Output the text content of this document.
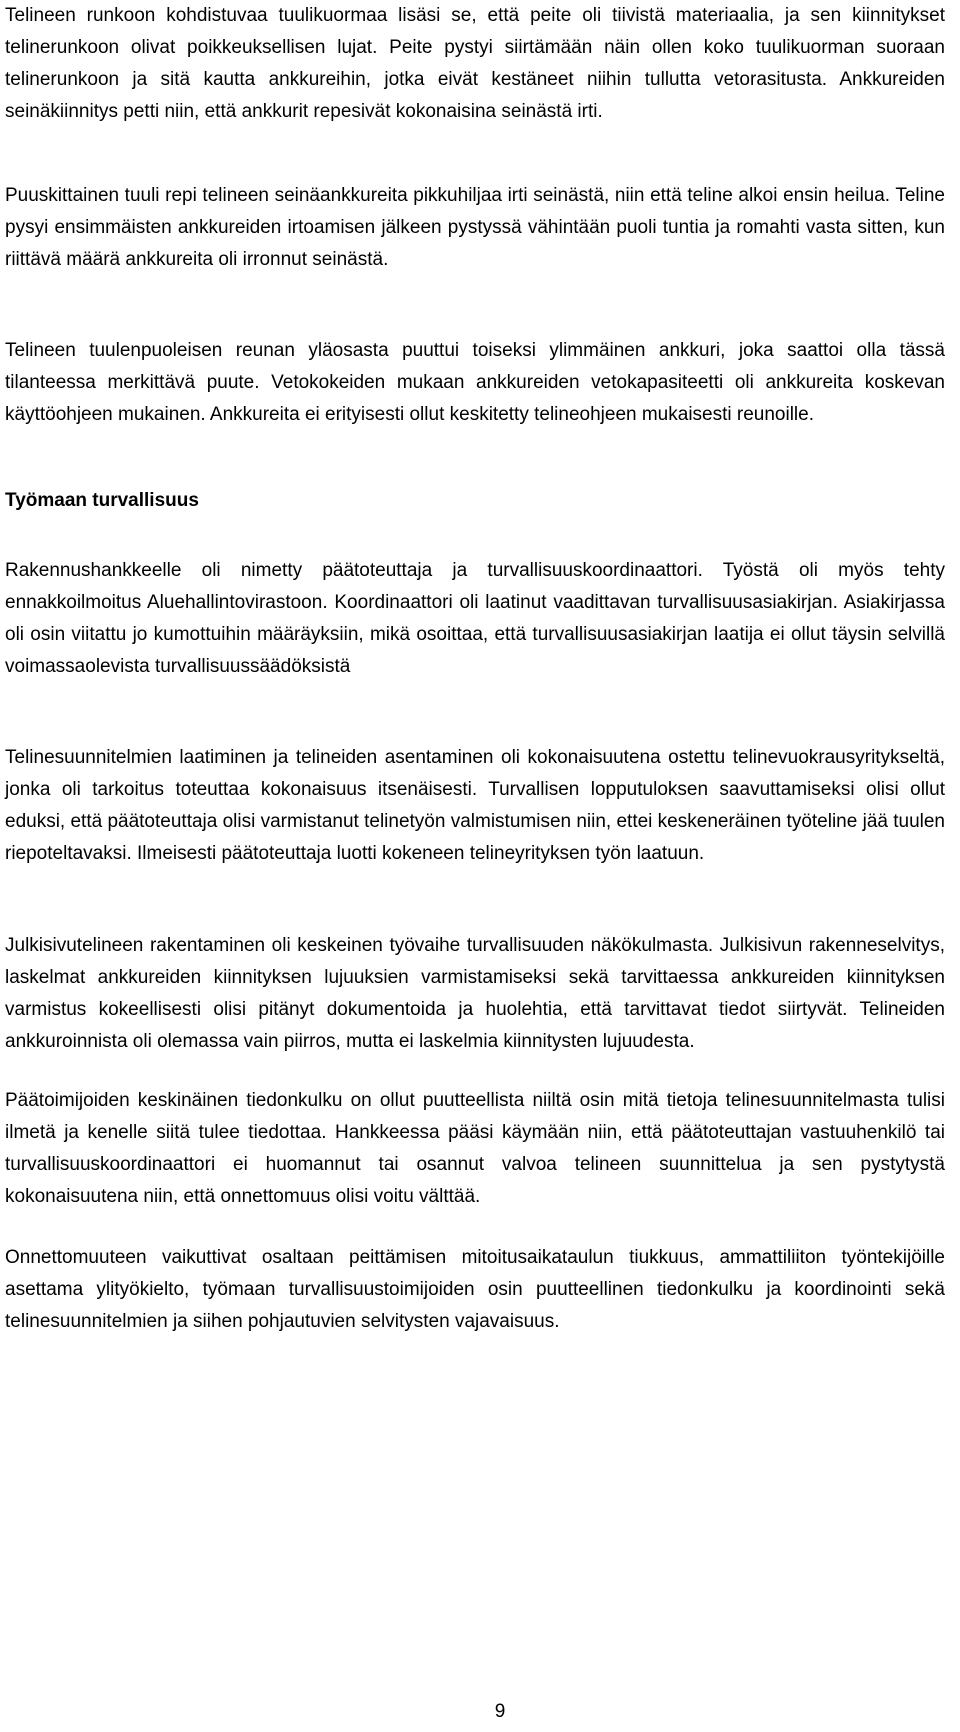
Telineen runkoon kohdistuvaa tuulikuormaa lisäsi se, että peite oli tiivistä materiaalia, ja sen kiinnitykset telinerunkoon olivat poikkeuksellisen lujat. Peite pystyi siirtämään näin ollen koko tuulikuorman suoraan telinerunkoon ja sitä kautta ankkureihin, jotka eivät kestäneet niihin tullutta vetorasitusta. Ankkureiden seinäkiinnitys petti niin, että ankkurit repesivät kokonaisina seinästä irti.

Puuskittainen tuuli repi telineen seinäankkureita pikkuhiljaa irti seinästä, niin että teline alkoi ensin heilua. Teline pysyi ensimmäisten ankkureiden irtoamisen jälkeen pystyssä vähintään puoli tuntia ja romahti vasta sitten, kun riittävä määrä ankkureita oli irronnut seinästä.

Telineen tuulenpuoleisen reunan yläosasta puuttui toiseksi ylimmäinen ankkuri, joka saattoi olla tässä tilanteessa merkittävä puute. Vetokokeiden mukaan ankkureiden vetokapasiteetti oli ankkureita koskevan käyttöohjeen mukainen. Ankkureita ei erityisesti ollut keskitetty telineohjeen mukaisesti reunoille.

Työmaan turvallisuus

Rakennushankkeelle oli nimetty päätoteuttaja ja turvallisuuskoordinaattori. Työstä oli myös tehty ennakkoilmoitus Aluehallintovirastoon. Koordinaattori oli laatinut vaadittavan turvallisuusasiakirjan. Asiakirjassa oli osin viitattu jo kumottuihin määräyksiin, mikä osoittaa, että turvallisuusasiakirjan laatija ei ollut täysin selvillä voimassaolevista turvallisuussäädöksistä

Telinesuunnitelmien laatiminen ja telineiden asentaminen oli kokonaisuutena ostettu telinevuokrausyritykseltä, jonka oli tarkoitus toteuttaa kokonaisuus itsenäisesti. Turvallisen lopputuloksen saavuttamiseksi olisi ollut eduksi, että päätoteuttaja olisi varmistanut telinetyön valmistumisen niin, ettei keskeneräinen työteline jää tuulen riepoteltavaksi. Ilmeisesti päätoteuttaja luotti kokeneen telineyrityksen työn laatuun.

Julkisivutelineen rakentaminen oli keskeinen työvaihe turvallisuuden näkökulmasta. Julkisivun rakenneselvitys, laskelmat ankkureiden kiinnityksen lujuuksien varmistamiseksi sekä tarvittaessa ankkureiden kiinnityksen varmistus kokeellisesti olisi pitänyt dokumentoida ja huolehtia, että tarvittavat tiedot siirtyvät. Telineiden ankkuroinnista oli olemassa vain piirros, mutta ei laskelmia kiinnitysten lujuudesta.

Päätoimijoiden keskinäinen tiedonkulku on ollut puutteellista niiltä osin mitä tietoja telinesuunnitelmasta tulisi ilmetä ja kenelle siitä tulee tiedottaa. Hankkeessa pääsi käymään niin, että päätoteuttajan vastuuhenkilö tai turvallisuuskoordinaattori ei huomannut tai osannut valvoa telineen suunnittelua ja sen pystytystä kokonaisuutena niin, että onnettomuus olisi voitu välttää.

Onnettomuuteen vaikuttivat osaltaan peittämisen mitoitusaikataulun tiukkuus, ammattiliiton työntekijöille asettama ylityökielto, työmaan turvallisuustoimijoiden osin puutteellinen tiedonkulku ja koordinointi sekä telinesuunnitelmien ja siihen pohjautuvien selvitysten vajavaisuus.

9
